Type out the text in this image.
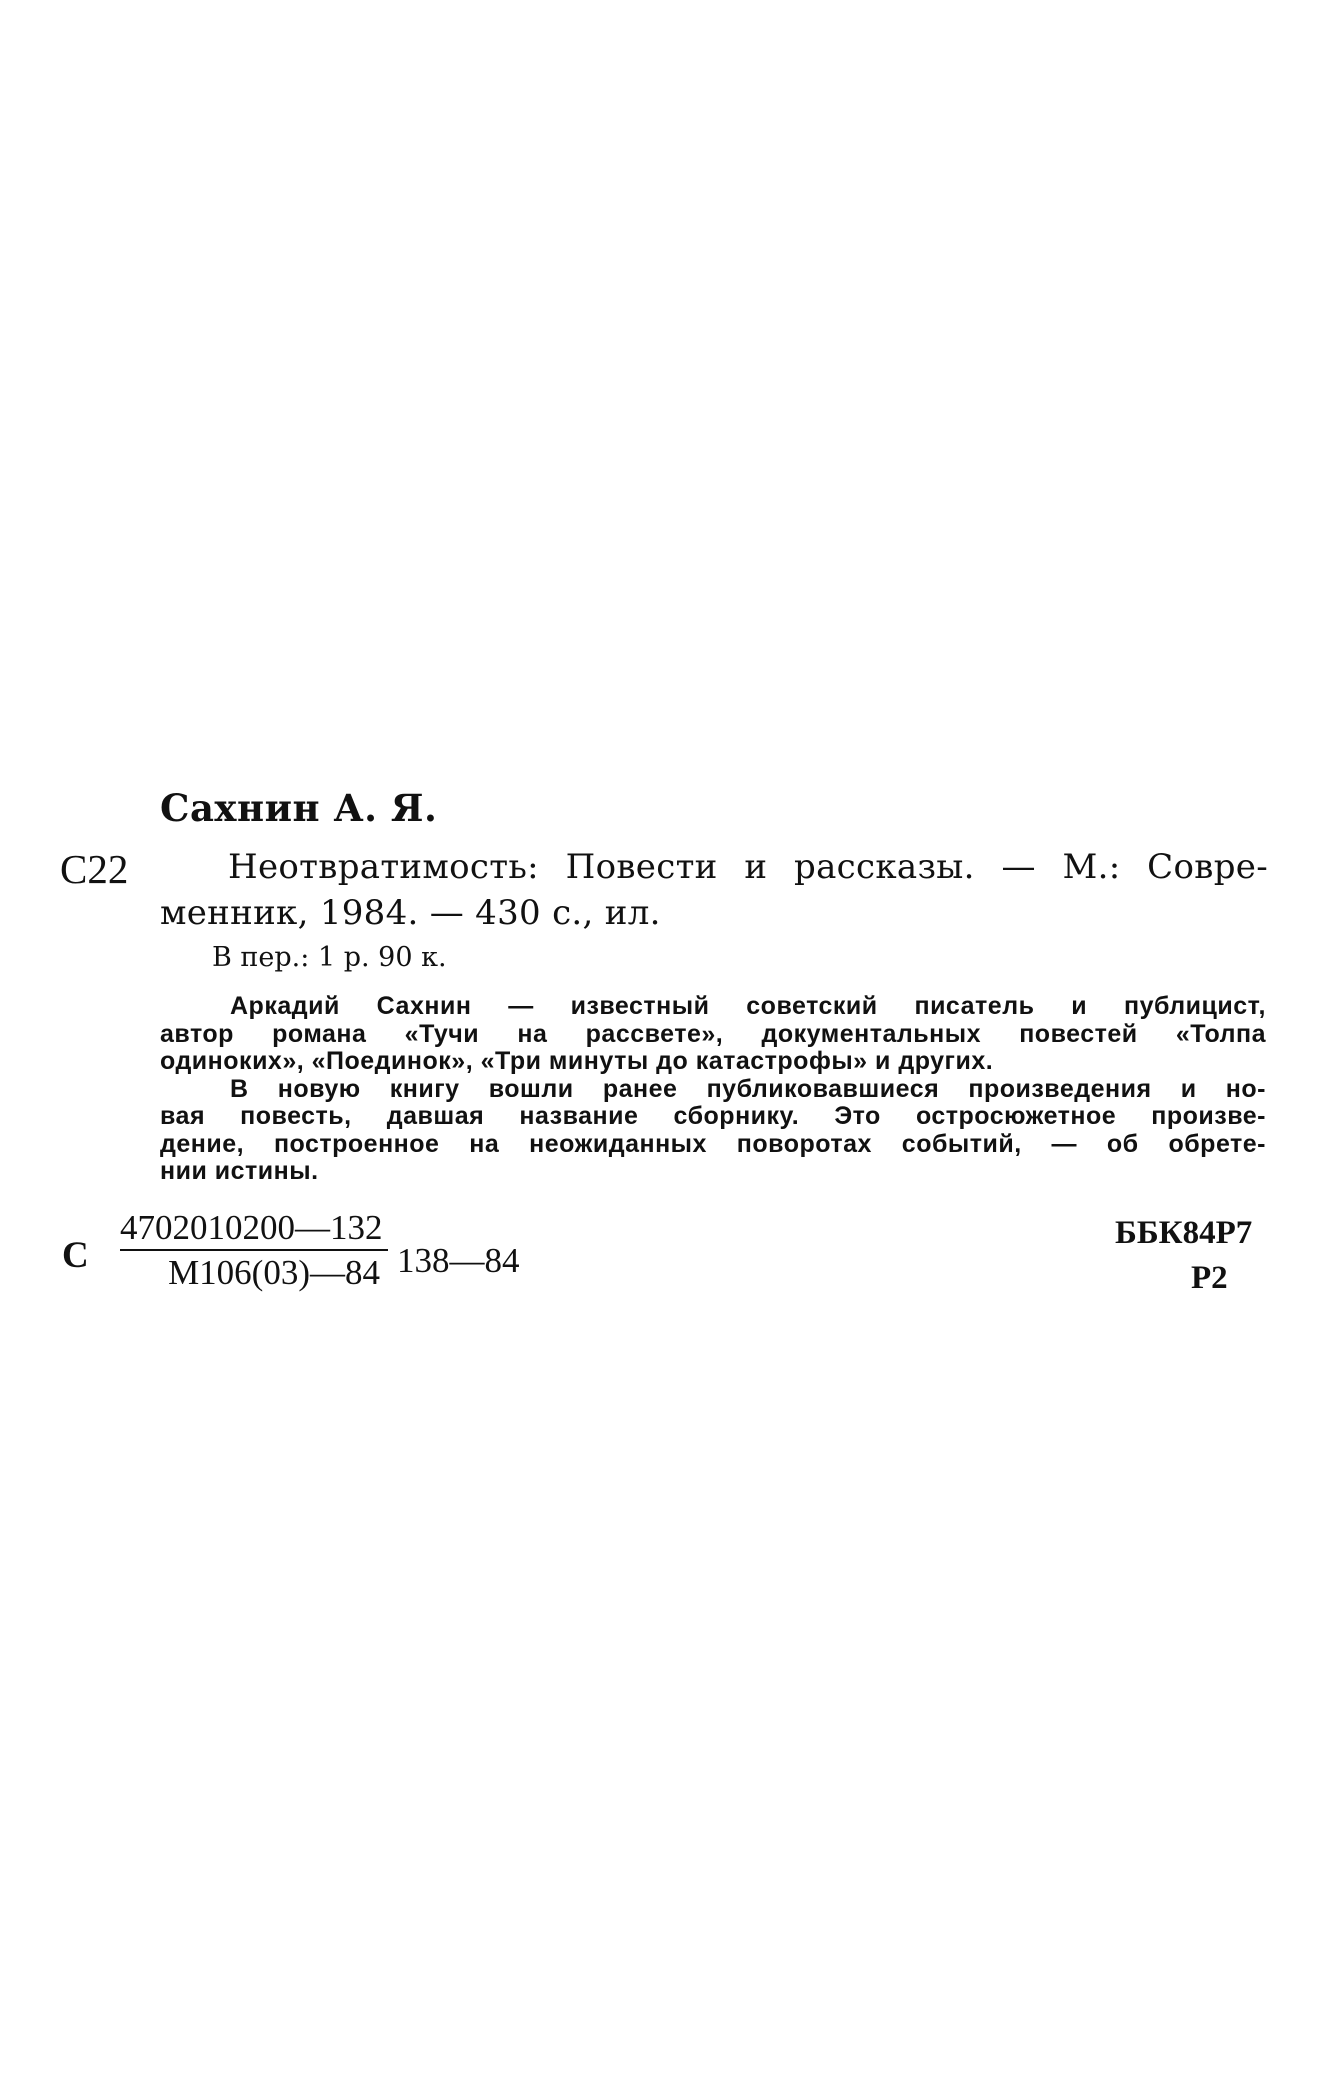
Сахнин А. Я.
С22	Неотвратимость: Повести и рассказы. — М.: Совре-
менник, 1984. — 430 с., ил.
В пер.: 1 р. 90 к.
Аркадий Сахнин — известный советский писатель и публицист,
автор романа «Тучи на рассвете», документальных повестей «Толпа
одиноких», «Поединок», «Три минуты до катастрофы» и других.
В новую книгу вошли ранее публиковавшиеся произведения и но-
вая повесть, давшая название сборнику. Это остросюжетное произве-
дение, построенное на неожиданных поворотах событий, — об обрете-
нии истины.
С
4702010200—132
М106(03)—84 138—84
ББК84Р7
Р2
